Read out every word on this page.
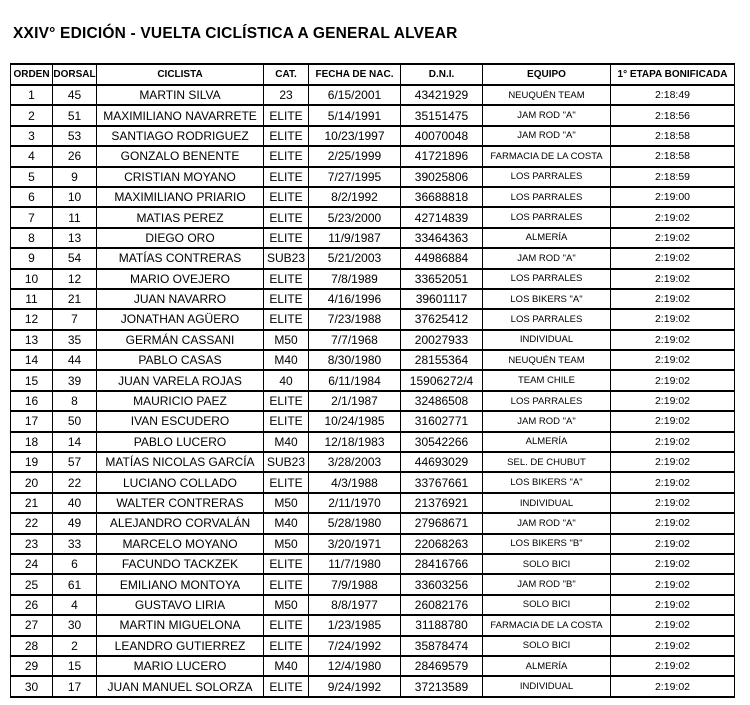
XXIV° EDICIÓN - VUELTA CICLÍSTICA A GENERAL ALVEAR
ORDEN	DORSAL	CICLISTA	CAT.	FECHA DE NAC.	D.N.I.	EQUIPO	1° ETAPA BONIFICADA
1	45	MARTIN SILVA	23	6/15/2001	43421929	NEUQUÉN TEAM	2:18:49
2	51	MAXIMILIANO NAVARRETE	ELITE	5/14/1991	35151475	JAM ROD "A"	2:18:56
3	53	SANTIAGO RODRIGUEZ	ELITE	10/23/1997	40070048	JAM ROD "A"	2:18:58
4	26	GONZALO BENENTE	ELITE	2/25/1999	41721896	FARMACIA DE LA COSTA	2:18:58
5	9	CRISTIAN MOYANO	ELITE	7/27/1995	39025806	LOS PARRALES	2:18:59
6	10	MAXIMILIANO PRIARIO	ELITE	8/2/1992	36688818	LOS PARRALES	2:19:00
7	11	MATIAS PEREZ	ELITE	5/23/2000	42714839	LOS PARRALES	2:19:02
8	13	DIEGO ORO	ELITE	11/9/1987	33464363	ALMERÍA	2:19:02
9	54	MATÍAS CONTRERAS	SUB23	5/21/2003	44986884	JAM ROD "A"	2:19:02
10	12	MARIO OVEJERO	ELITE	7/8/1989	33652051	LOS PARRALES	2:19:02
11	21	JUAN NAVARRO	ELITE	4/16/1996	39601117	LOS BIKERS "A"	2:19:02
12	7	JONATHAN AGÜERO	ELITE	7/23/1988	37625412	LOS PARRALES	2:19:02
13	35	GERMÁN CASSANI	M50	7/7/1968	20027933	INDIVIDUAL	2:19:02
14	44	PABLO CASAS	M40	8/30/1980	28155364	NEUQUÉN TEAM	2:19:02
15	39	JUAN VARELA ROJAS	40	6/11/1984	15906272/4	TEAM CHILE	2:19:02
16	8	MAURICIO PAEZ	ELITE	2/1/1987	32486508	LOS PARRALES	2:19:02
17	50	IVAN ESCUDERO	ELITE	10/24/1985	31602771	JAM ROD "A"	2:19:02
18	14	PABLO LUCERO	M40	12/18/1983	30542266	ALMERÍA	2:19:02
19	57	MATÍAS NICOLAS GARCÍA	SUB23	3/28/2003	44693029	SEL. DE CHUBUT	2:19:02
20	22	LUCIANO COLLADO	ELITE	4/3/1988	33767661	LOS BIKERS "A"	2:19:02
21	40	WALTER CONTRERAS	M50	2/11/1970	21376921	INDIVIDUAL	2:19:02
22	49	ALEJANDRO CORVALÁN	M40	5/28/1980	27968671	JAM ROD "A"	2:19:02
23	33	MARCELO MOYANO	M50	3/20/1971	22068263	LOS BIKERS "B"	2:19:02
24	6	FACUNDO TACKZEK	ELITE	11/7/1980	28416766	SOLO BICI	2:19:02
25	61	EMILIANO MONTOYA	ELITE	7/9/1988	33603256	JAM ROD "B"	2:19:02
26	4	GUSTAVO LIRIA	M50	8/8/1977	26082176	SOLO BICI	2:19:02
27	30	MARTIN MIGUELONA	ELITE	1/23/1985	31188780	FARMACIA DE LA COSTA	2:19:02
28	2	LEANDRO GUTIERREZ	ELITE	7/24/1992	35878474	SOLO BICI	2:19:02
29	15	MARIO LUCERO	M40	12/4/1980	28469579	ALMERÍA	2:19:02
30	17	JUAN MANUEL SOLORZA	ELITE	9/24/1992	37213589	INDIVIDUAL	2:19:02
